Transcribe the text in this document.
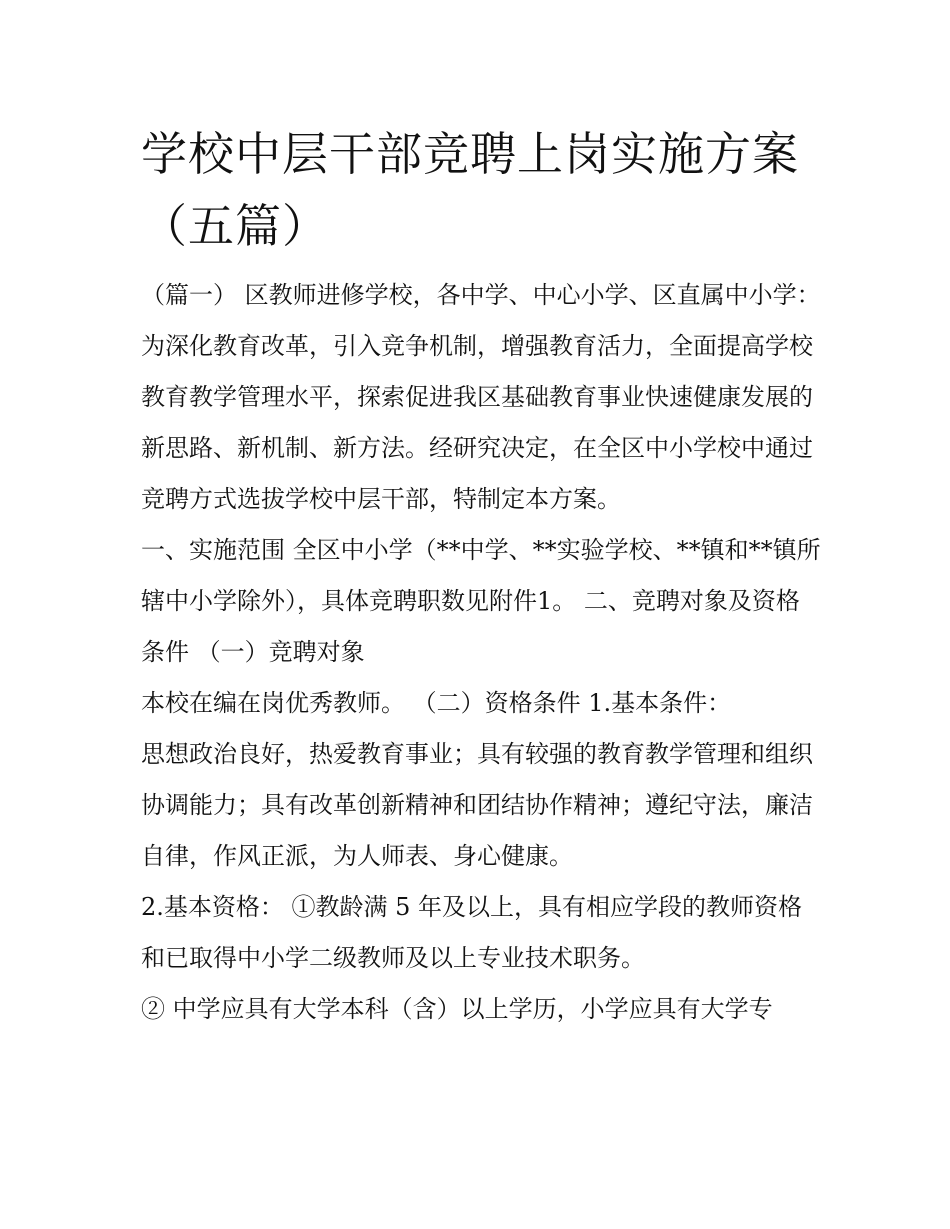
学校中层干部竞聘上岗实施方案（五篇）

（篇一） 区教师进修学校，各中学、中心小学、区直属中小学：

为深化教育改革，引入竞争机制，增强教育活力，全面提高学校教育教学管理水平，探索促进我区基础教育事业快速健康发展的新思路、新机制、新方法。经研究决定，在全区中小学校中通过竞聘方式选拔学校中层干部，特制定本方案。

一、实施范围 全区中小学（**中学、**实验学校、**镇和**镇所辖中小学除外），具体竞聘职数见附件1。 二、竞聘对象及资格条件 （一）竞聘对象

本校在编在岗优秀教师。 （二）资格条件 1.基本条件：

思想政治良好，热爱教育事业；具有较强的教育教学管理和组织协调能力；具有改革创新精神和团结协作精神；遵纪守法，廉洁自律，作风正派，为人师表、身心健康。

2.基本资格： ①教龄满 5 年及以上，具有相应学段的教师资格和已取得中小学二级教师及以上专业技术职务。

② 中学应具有大学本科（含）以上学历，小学应具有大学专
